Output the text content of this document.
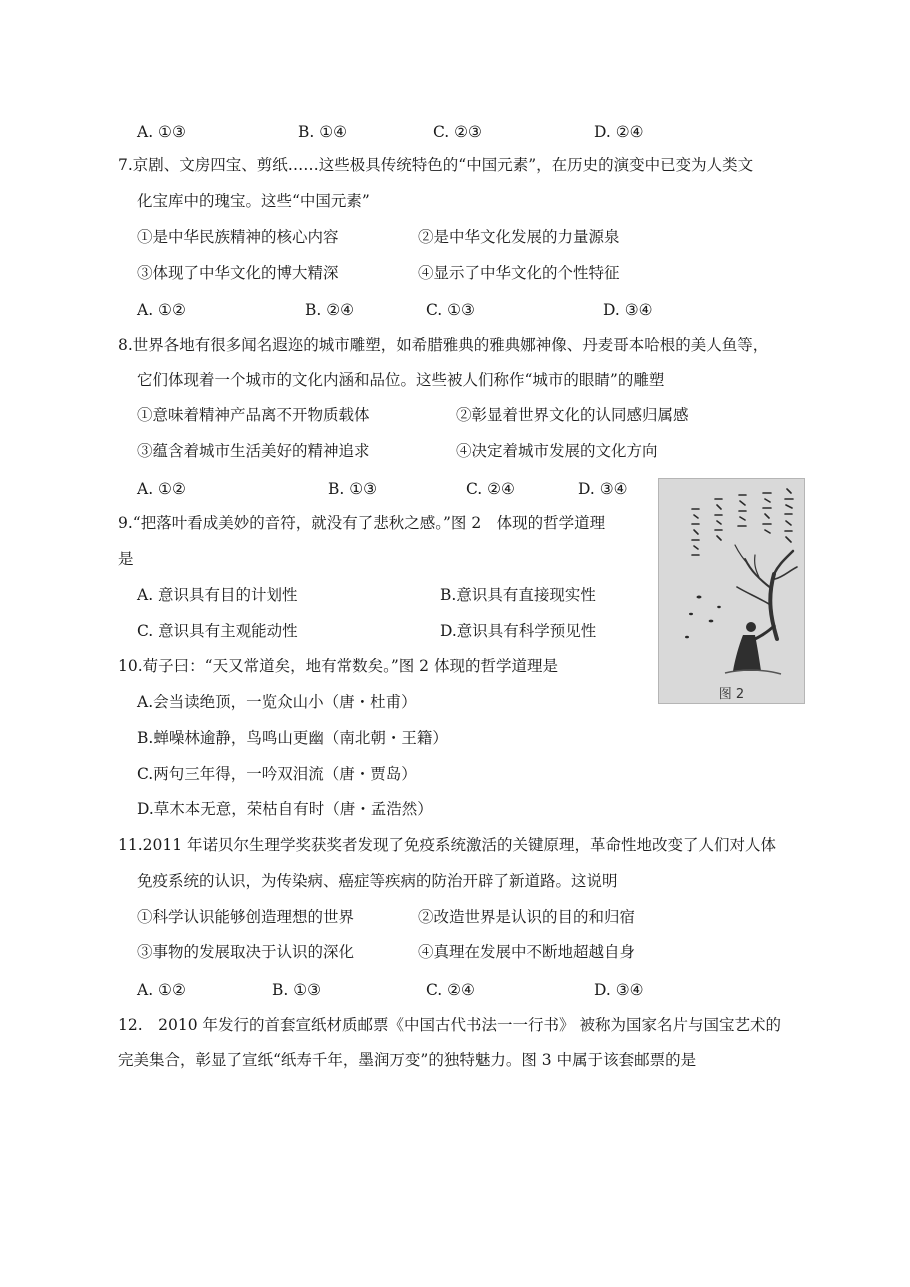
A. ①③	B. ①④	C. ②③	D. ②④
7.京剧、文房四宝、剪纸……这些极具传统特色的“中国元素”，在历史的演变中已变为人类文
化宝库中的瑰宝。这些“中国元素”
①是中华民族精神的核心内容	②是中华文化发展的力量源泉
③体现了中华文化的博大精深	④显示了中华文化的个性特征
A. ①②	B. ②④	C. ①③	D. ③④
8.世界各地有很多闻名遐迩的城市雕塑，如希腊雅典的雅典娜神像、丹麦哥本哈根的美人鱼等，
它们体现着一个城市的文化内涵和品位。这些被人们称作“城市的眼睛”的雕塑
①意味着精神产品离不开物质载体	②彰显着世界文化的认同感归属感
③蕴含着城市生活美好的精神追求	④决定着城市发展的文化方向
A. ①②	B. ①③	C. ②④	D. ③④
图 2
9.“把落叶看成美妙的音符，就没有了悲秋之感。”图 2　体现的哲学道理
是
A. 意识具有目的计划性	B.意识具有直接现实性
C. 意识具有主观能动性	D.意识具有科学预见性
10.荀子曰：“天又常道矣，地有常数矣。”图 2 体现的哲学道理是
A.会当读绝顶，一览众山小（唐・杜甫）
B.蝉噪林逾静，鸟鸣山更幽（南北朝・王籍）
C.两句三年得，一吟双泪流（唐・贾岛）
D.草木本无意，荣枯自有时（唐・孟浩然）
11.2011 年诺贝尔生理学奖获奖者发现了免疫系统激活的关键原理，革命性地改变了人们对人体
免疫系统的认识，为传染病、癌症等疾病的防治开辟了新道路。这说明
①科学认识能够创造理想的世界	②改造世界是认识的目的和归宿
③事物的发展取决于认识的深化	④真理在发展中不断地超越自身
A. ①②	B. ①③	C. ②④	D. ③④
12.　2010 年发行的首套宣纸材质邮票《中国古代书法一一行书》 被称为国家名片与国宝艺术的
完美集合，彰显了宣纸“纸寿千年，墨润万变”的独特魅力。图 3 中属于该套邮票的是
